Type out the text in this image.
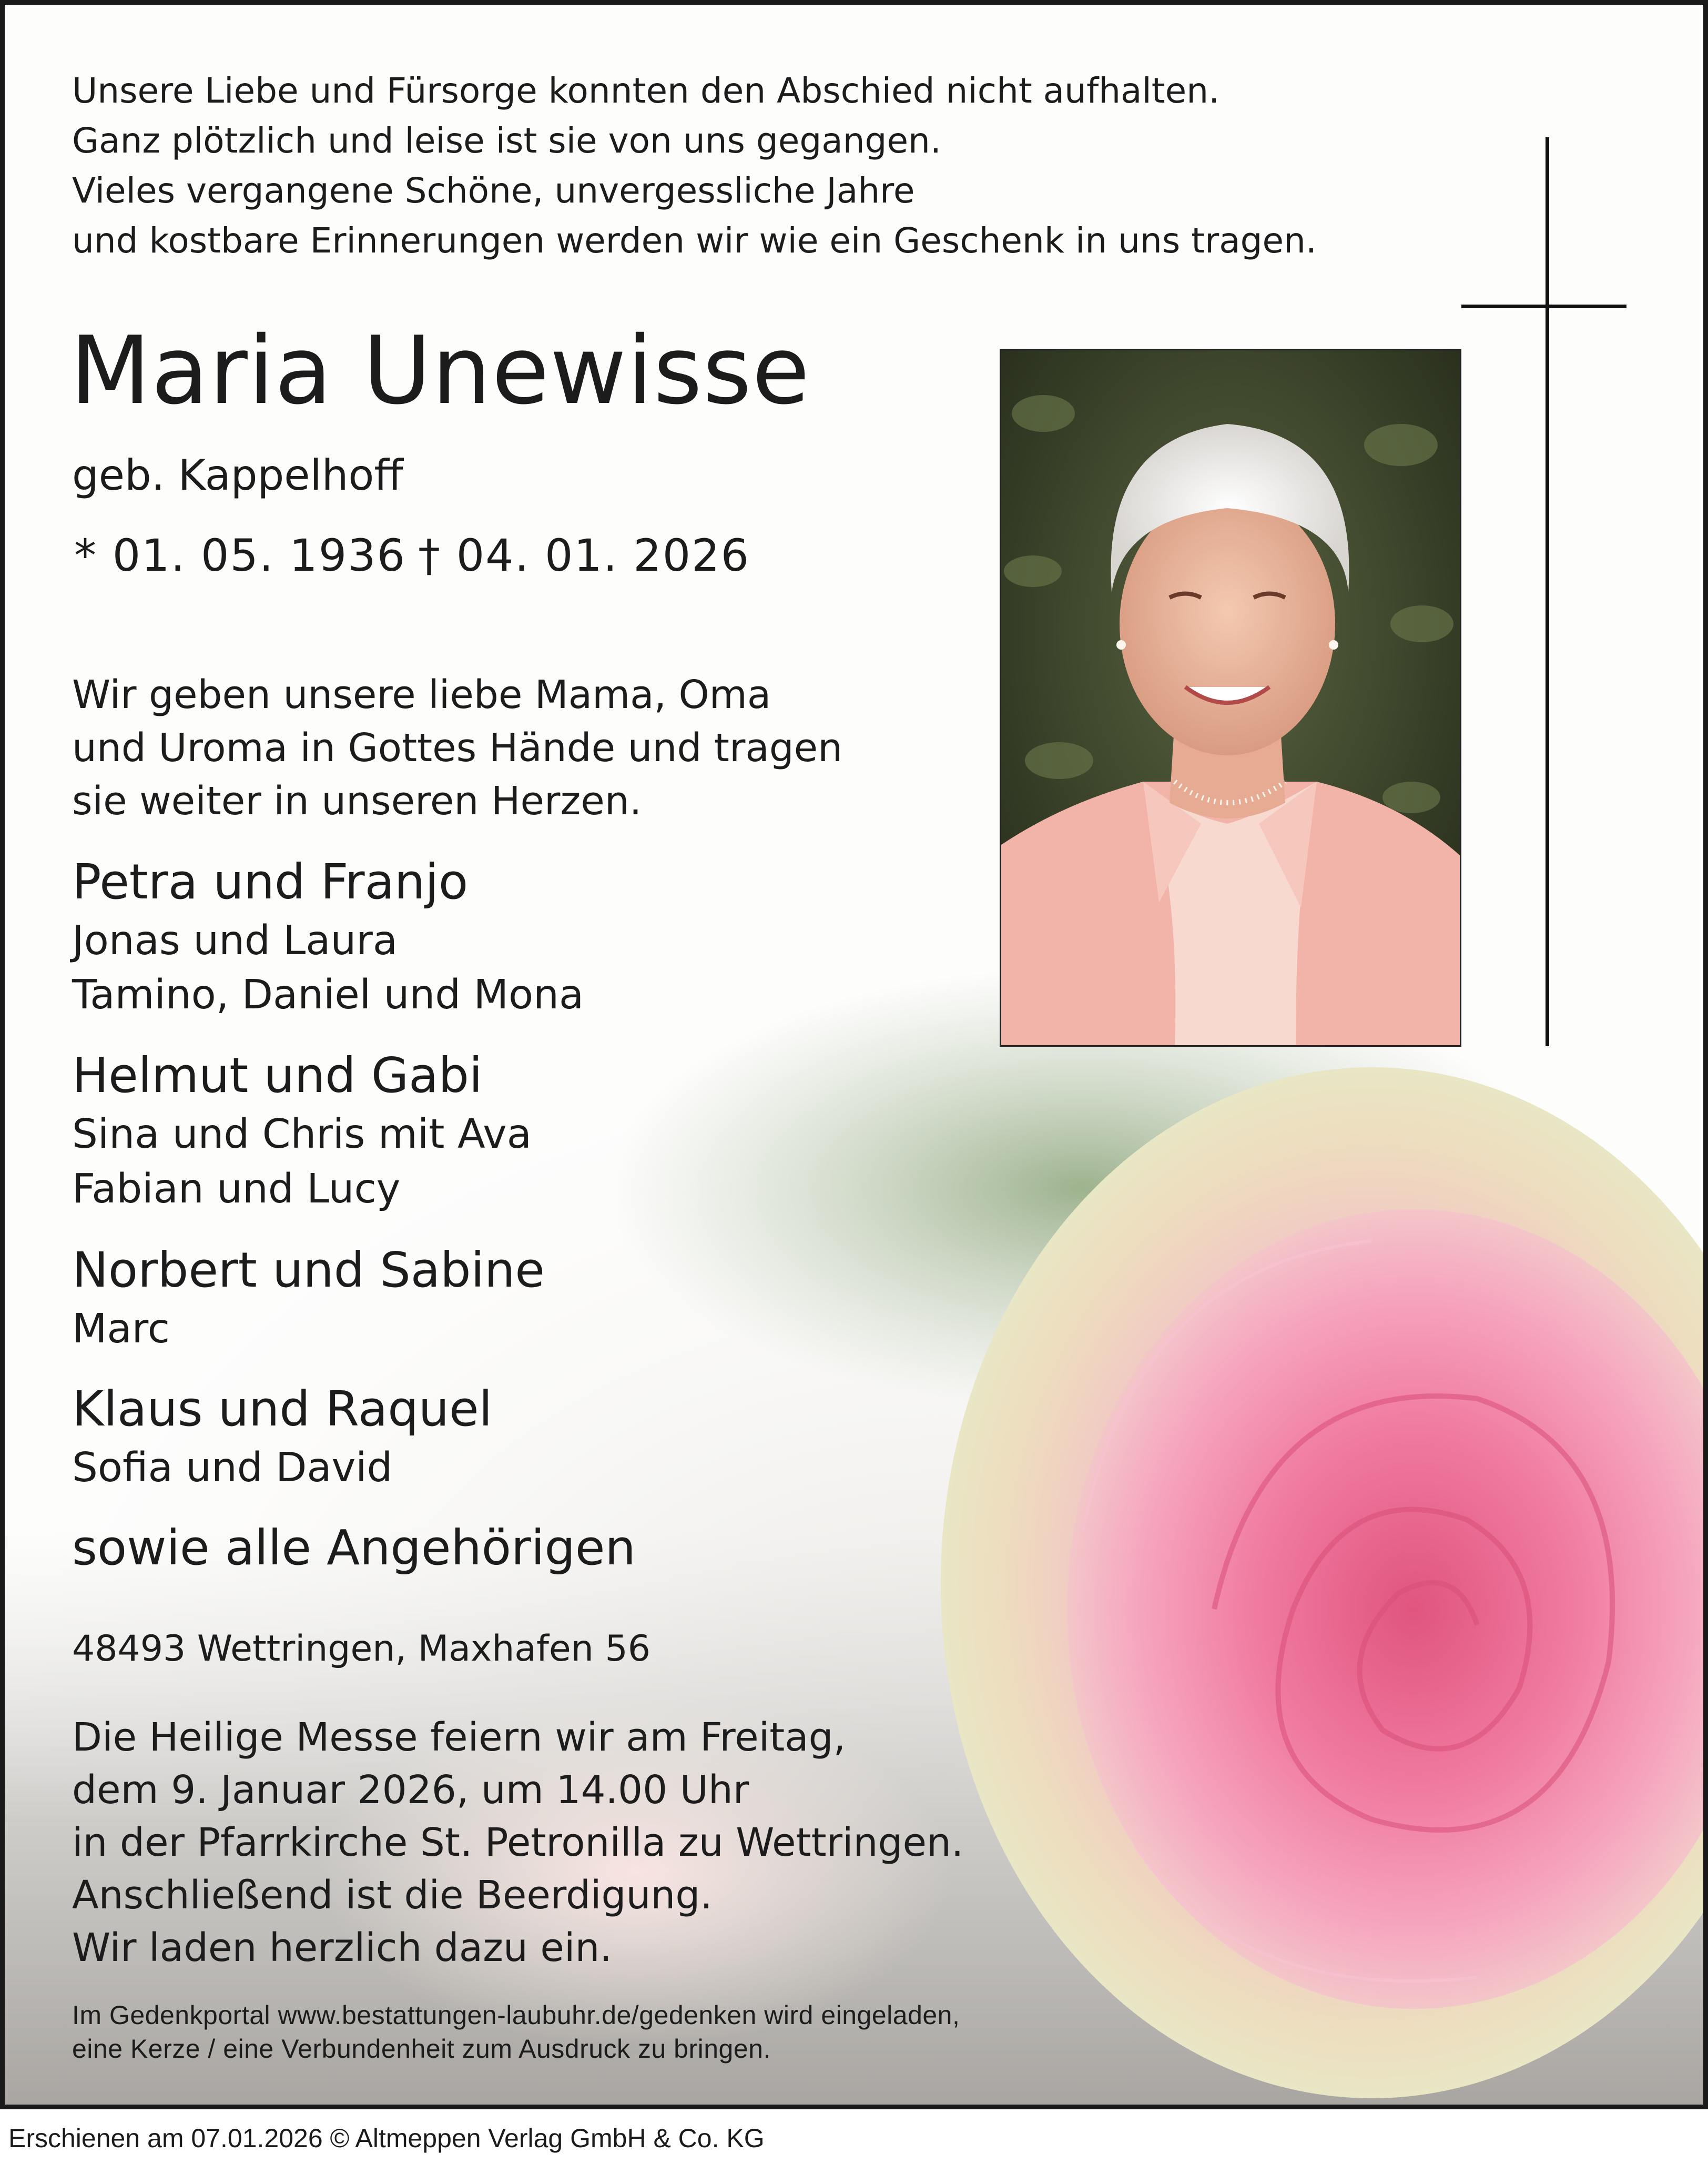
Unsere Liebe und Fürsorge konnten den Abschied nicht aufhalten.
Ganz plötzlich und leise ist sie von uns gegangen.
Vieles vergangene Schöne, unvergessliche Jahre
und kostbare Erinnerungen werden wir wie ein Geschenk in uns tragen.
Maria Unewisse
geb. Kappelhoff
* 01. 05. 1936 † 04. 01. 2026
Wir geben unsere liebe Mama, Oma
und Uroma in Gottes Hände und tragen
sie weiter in unseren Herzen.
Petra und Franjo
Jonas und Laura
Tamino, Daniel und Mona
Helmut und Gabi
Sina und Chris mit Ava
Fabian und Lucy
Norbert und Sabine
Marc
Klaus und Raquel
Sofia und David
sowie alle Angehörigen
48493 Wettringen, Maxhafen 56
Die Heilige Messe feiern wir am Freitag,
dem 9. Januar 2026, um 14.00 Uhr
in der Pfarrkirche St. Petronilla zu Wettringen.
Anschließend ist die Beerdigung.
Wir laden herzlich dazu ein.
Im Gedenkportal www.bestattungen-laubuhr.de/gedenken wird eingeladen,
eine Kerze / eine Verbundenheit zum Ausdruck zu bringen.
Erschienen am 07.01.2026 © Altmeppen Verlag GmbH & Co. KG
